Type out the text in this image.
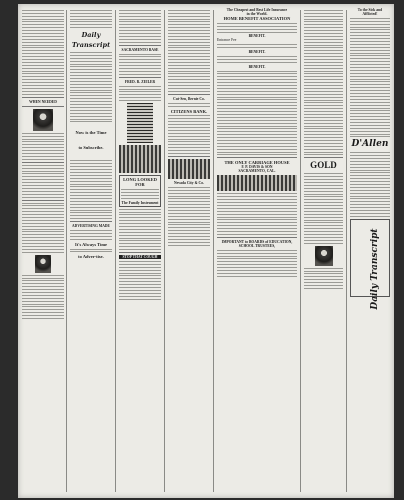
WHEN NEEDED

Daily Transcript

Now is the Time

to Subscribe.

ADVERTISING MADE

It's Always Time

to Adver-tise.

SACRAMENTO BASE

FRED. R. ZEILER

LONG LOOKED FOR

The Family Instrument

STOP THAT COUGH

Cut-Sen, Bernie Co.

CITIZENS BANK.

Nevada City & Co.

The Cheapest and Best Life Insurance

in the World.

HOME BENEFIT ASSOCIATION

BENEFIT.

Entrance Fee

BENEFIT.

BENEFIT.

THE ONLY CARRIAGE HOUSE

F. P. DAVIS & SON

SACRAMENTO, CAL.

IMPORTANT to BOARDS of EDUCATION,

SCHOOL TRUSTEES,

GOLD

To the Sick and Afflicted!

D'Allen

Daily Transcript
